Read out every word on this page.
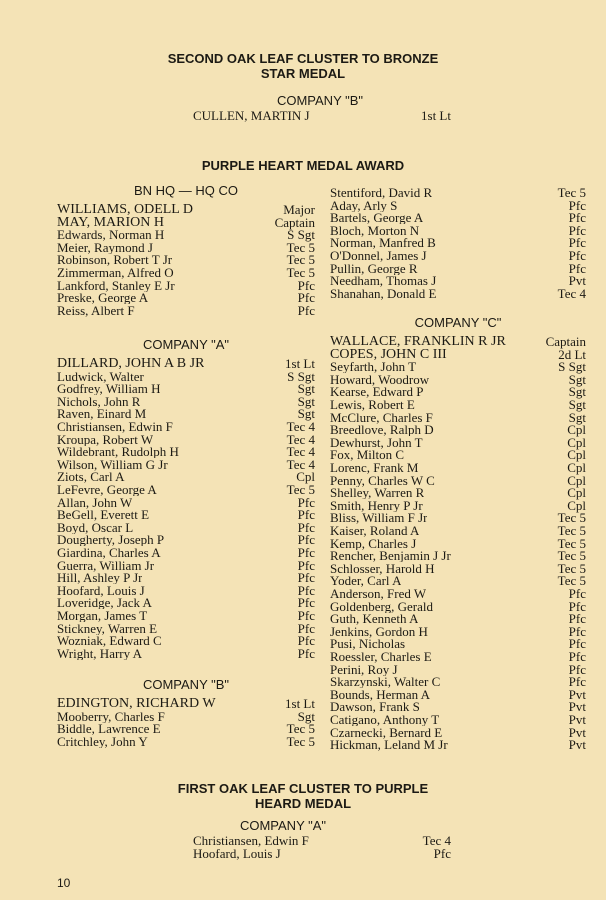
SECOND OAK LEAF CLUSTER TO BRONZE
STAR MEDAL
COMPANY "B"
CULLEN, MARTIN J	1st Lt
PURPLE HEART MEDAL AWARD
BN HQ — HQ CO
WILLIAMS, ODELL D	Major
MAY, MARION H	Captain
Edwards, Norman H	S Sgt
Meier, Raymond J	Tec 5
Robinson, Robert T Jr	Tec 5
Zimmerman, Alfred O	Tec 5
Lankford, Stanley E Jr	Pfc
Preske, George A	Pfc
Reiss, Albert F	Pfc
COMPANY "A"
DILLARD, JOHN A B JR	1st Lt
Ludwick, Walter	S Sgt
Godfrey, William H	Sgt
Nichols, John R	Sgt
Raven, Einard M	Sgt
Christiansen, Edwin F	Tec 4
Kroupa, Robert W	Tec 4
Wildebrant, Rudolph H	Tec 4
Wilson, William G Jr	Tec 4
Ziots, Carl A	Cpl
LeFevre, George A	Tec 5
Allan, John W	Pfc
BeGell, Everett E	Pfc
Boyd, Oscar L	Pfc
Dougherty, Joseph P	Pfc
Giardina, Charles A	Pfc
Guerra, William Jr	Pfc
Hill, Ashley P Jr	Pfc
Hoofard, Louis J	Pfc
Loveridge, Jack A	Pfc
Morgan, James T	Pfc
Stickney, Warren E	Pfc
Wozniak, Edward C	Pfc
Wright, Harry A	Pfc
COMPANY "B"
EDINGTON, RICHARD W	1st Lt
Mooberry, Charles F	Sgt
Biddle, Lawrence E	Tec 5
Critchley, John Y	Tec 5
Stentiford, David R	Tec 5
Aday, Arly S	Pfc
Bartels, George A	Pfc
Bloch, Morton N	Pfc
Norman, Manfred B	Pfc
O'Donnel, James J	Pfc
Pullin, George R	Pfc
Needham, Thomas J	Pvt
Shanahan, Donald E	Tec 4
COMPANY "C"
WALLACE, FRANKLIN R JR	Captain
COPES, JOHN C III	2d Lt
Seyfarth, John T	S Sgt
Howard, Woodrow	Sgt
Kearse, Edward P	Sgt
Lewis, Robert E	Sgt
McClure, Charles F	Sgt
Breedlove, Ralph D	Cpl
Dewhurst, John T	Cpl
Fox, Milton C	Cpl
Lorenc, Frank M	Cpl
Penny, Charles W C	Cpl
Shelley, Warren R	Cpl
Smith, Henry P Jr	Cpl
Bliss, William F Jr	Tec 5
Kaiser, Roland A	Tec 5
Kemp, Charles J	Tec 5
Rencher, Benjamin J Jr	Tec 5
Schlosser, Harold H	Tec 5
Yoder, Carl A	Tec 5
Anderson, Fred W	Pfc
Goldenberg, Gerald	Pfc
Guth, Kenneth A	Pfc
Jenkins, Gordon H	Pfc
Pusi, Nicholas	Pfc
Roessler, Charles E	Pfc
Perini, Roy J	Pfc
Skarzynski, Walter C	Pfc
Bounds, Herman A	Pvt
Dawson, Frank S	Pvt
Catigano, Anthony T	Pvt
Czarnecki, Bernard E	Pvt
Hickman, Leland M Jr	Pvt
FIRST OAK LEAF CLUSTER TO PURPLE
HEARD MEDAL
COMPANY "A"
Christiansen, Edwin F	Tec 4
Hoofard, Louis J	Pfc
10
